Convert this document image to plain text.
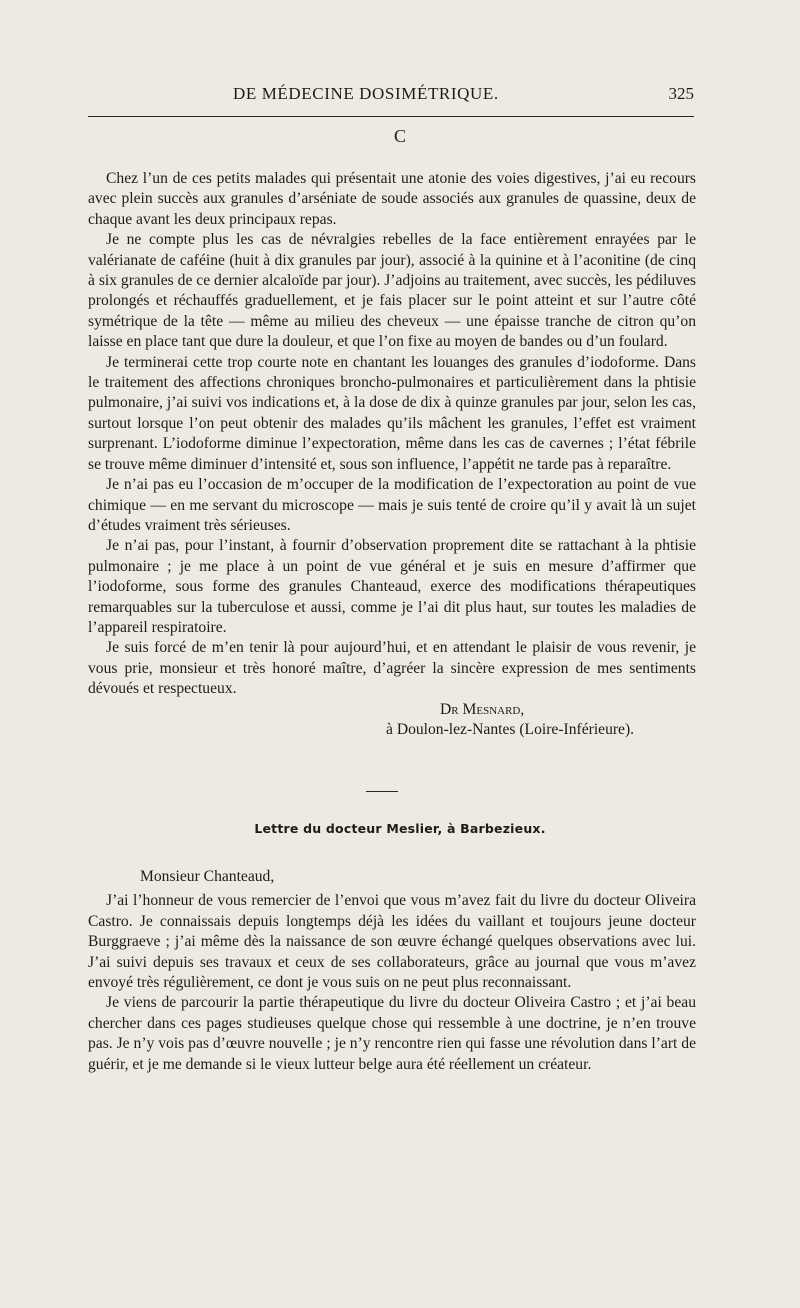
DE MÉDECINE DOSIMÉTRIQUE.	325
C

Chez l’un de ces petits malades qui présentait une atonie des voies digestives, j’ai eu recours avec plein succès aux granules d’arséniate de soude associés aux granules de quassine, deux de chaque avant les deux principaux repas.

Je ne compte plus les cas de névralgies rebelles de la face entièrement enrayées par le valérianate de caféine (huit à dix granules par jour), associé à la quinine et à l’aconitine (de cinq à six granules de ce dernier alcaloïde par jour). J’adjoins au traitement, avec succès, les pédiluves prolongés et réchauffés graduellement, et je fais placer sur le point atteint et sur l’autre côté symétrique de la tête — même au milieu des cheveux — une épaisse tranche de citron qu’on laisse en place tant que dure la douleur, et que l’on fixe au moyen de bandes ou d’un foulard.

Je terminerai cette trop courte note en chantant les louanges des granules d’iodoforme. Dans le traitement des affections chroniques broncho-pulmonaires et particulièrement dans la phtisie pulmonaire, j’ai suivi vos indications et, à la dose de dix à quinze granules par jour, selon les cas, surtout lorsque l’on peut obtenir des malades qu’ils mâchent les granules, l’effet est vraiment surprenant. L’iodoforme diminue l’expectoration, même dans les cas de cavernes ; l’état fébrile se trouve même diminuer d’intensité et, sous son influence, l’appétit ne tarde pas à reparaître.

Je n’ai pas eu l’occasion de m’occuper de la modification de l’expectoration au point de vue chimique — en me servant du microscope — mais je suis tenté de croire qu’il y avait là un sujet d’études vraiment très sérieuses.

Je n’ai pas, pour l’instant, à fournir d’observation proprement dite se rattachant à la phtisie pulmonaire ; je me place à un point de vue général et je suis en mesure d’affirmer que l’iodoforme, sous forme des granules Chanteaud, exerce des modifications thérapeutiques remarquables sur la tuberculose et aussi, comme je l’ai dit plus haut, sur toutes les maladies de l’appareil respiratoire.

Je suis forcé de m’en tenir là pour aujourd’hui, et en attendant le plaisir de vous revenir, je vous prie, monsieur et très honoré maître, d’agréer la sincère expression de mes sentiments dévoués et respectueux.

Dr Mesnard,
à Doulon-lez-Nantes (Loire-Inférieure).
Lettre du docteur Meslier, à Barbezieux.

Monsieur Chanteaud,

J’ai l’honneur de vous remercier de l’envoi que vous m’avez fait du livre du docteur Oliveira Castro. Je connaissais depuis longtemps déjà les idées du vaillant et toujours jeune docteur Burggraeve ; j’ai même dès la naissance de son œuvre échangé quelques observations avec lui. J’ai suivi depuis ses travaux et ceux de ses collaborateurs, grâce au journal que vous m’avez envoyé très régulièrement, ce dont je vous suis on ne peut plus reconnaissant.

Je viens de parcourir la partie thérapeutique du livre du docteur Oliveira Castro ; et j’ai beau chercher dans ces pages studieuses quelque chose qui ressemble à une doctrine, je n’en trouve pas. Je n’y vois pas d’œuvre nouvelle ; je n’y rencontre rien qui fasse une révolution dans l’art de guérir, et je me demande si le vieux lutteur belge aura été réellement un créateur.
